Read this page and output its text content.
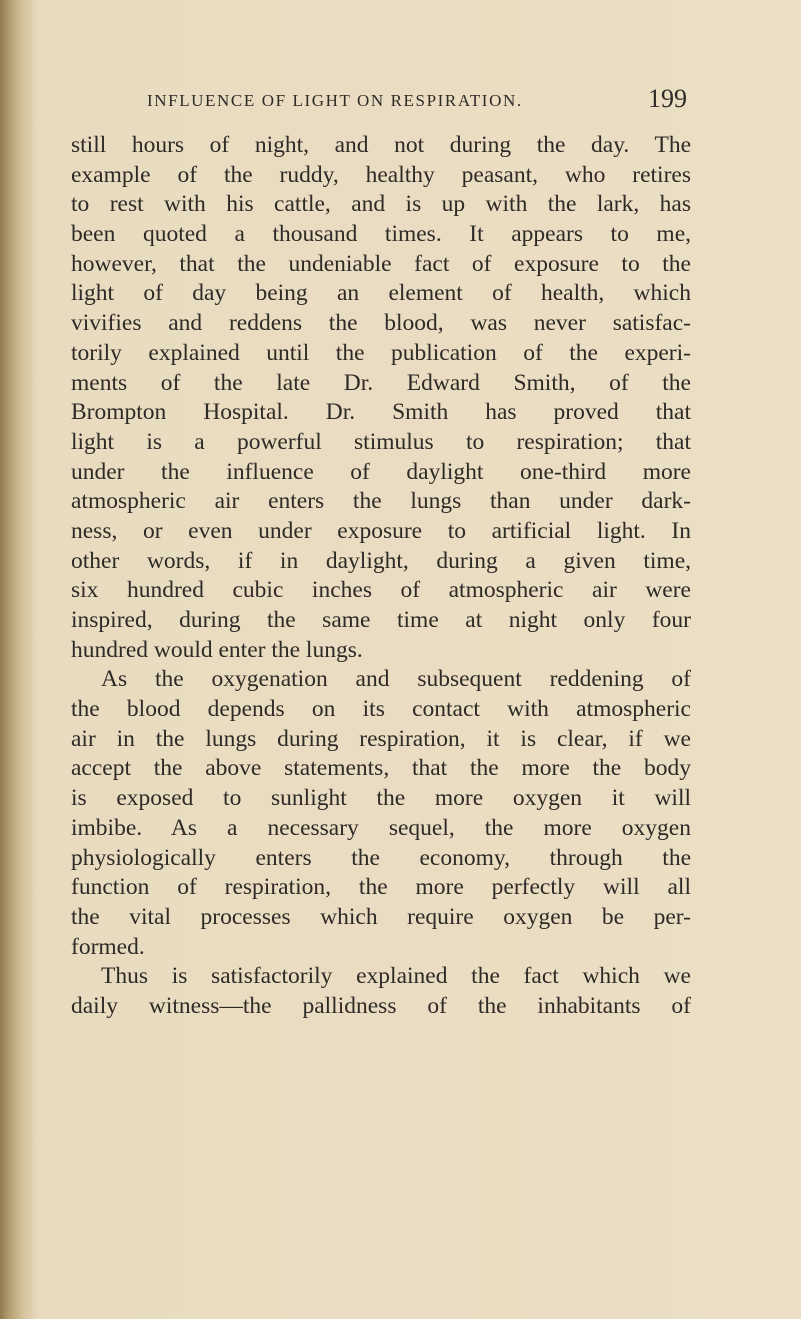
INFLUENCE OF LIGHT ON RESPIRATION.	199
still hours of night, and not during the day. The
example of the ruddy, healthy peasant, who retires
to rest with his cattle, and is up with the lark, has
been quoted a thousand times. It appears to me,
however, that the undeniable fact of exposure to the
light of day being an element of health, which
vivifies and reddens the blood, was never satisfac-
torily explained until the publication of the experi-
ments of the late Dr. Edward Smith, of the
Brompton Hospital. Dr. Smith has proved that
light is a powerful stimulus to respiration; that
under the influence of daylight one-third more
atmospheric air enters the lungs than under dark-
ness, or even under exposure to artificial light. In
other words, if in daylight, during a given time,
six hundred cubic inches of atmospheric air were
inspired, during the same time at night only four
hundred would enter the lungs.
As the oxygenation and subsequent reddening of
the blood depends on its contact with atmospheric
air in the lungs during respiration, it is clear, if we
accept the above statements, that the more the body
is exposed to sunlight the more oxygen it will
imbibe. As a necessary sequel, the more oxygen
physiologically enters the economy, through the
function of respiration, the more perfectly will all
the vital processes which require oxygen be per-
formed.
Thus is satisfactorily explained the fact which we
daily witness—the pallidness of the inhabitants of
